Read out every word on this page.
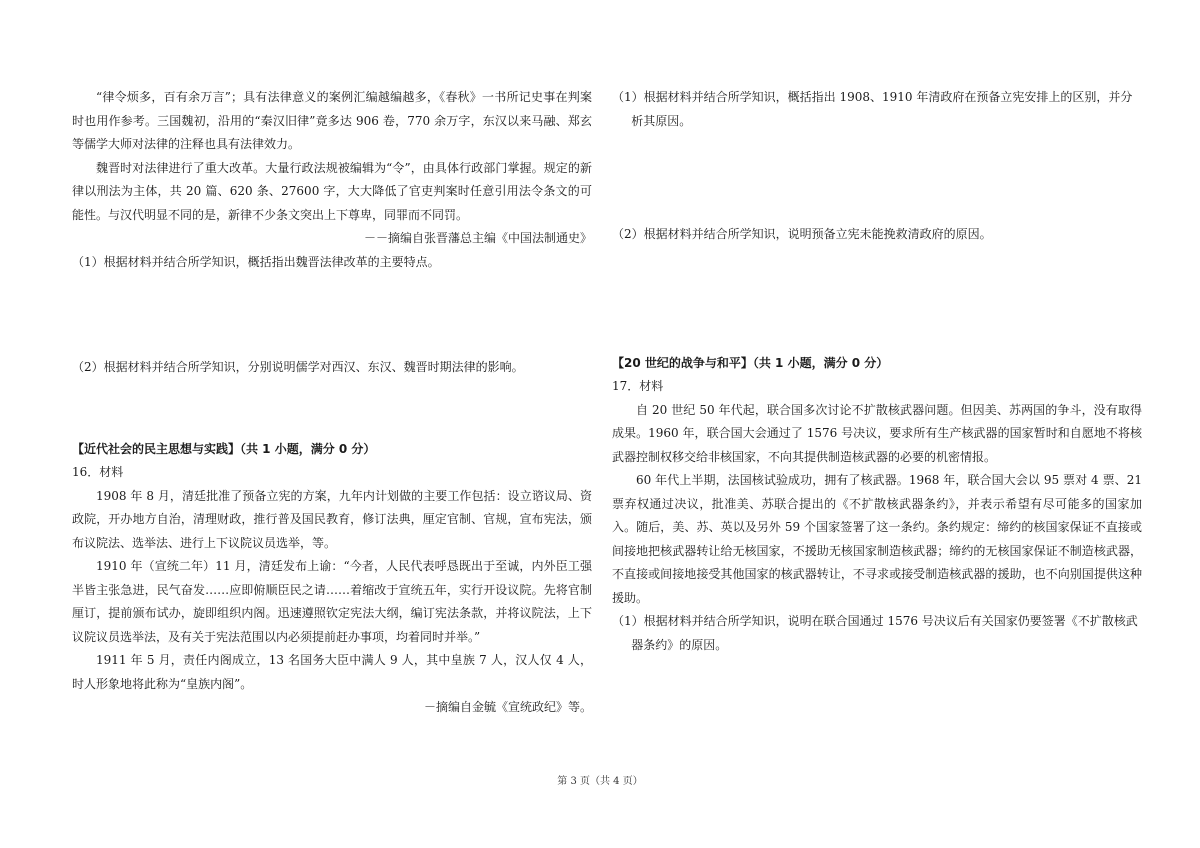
“律令烦多，百有余万言”；具有法律意义的案例汇编越编越多，《春秋》一书所记史事在判案时也用作参考。三国魏初，沿用的“秦汉旧律”竟多达 906 卷，770 余万字，东汉以来马融、郑玄等儒学大师对法律的注释也具有法律效力。

魏晋时对法律进行了重大改革。大量行政法规被编辑为“令”，由具体行政部门掌握。规定的新律以刑法为主体，共 20 篇、620 条、27600 字，大大降低了官吏判案时任意引用法令条文的可能性。与汉代明显不同的是，新律不少条文突出上下尊卑，同罪而不同罚。

－－摘编自张晋藩总主编《中国法制通史》

（1）根据材料并结合所学知识，概括指出魏晋法律改革的主要特点。

（2）根据材料并结合所学知识，分别说明儒学对西汉、东汉、魏晋时期法律的影响。

【近代社会的民主思想与实践】（共 1 小题，满分 0 分）

16．材料

1908 年 8 月，清廷批准了预备立宪的方案，九年内计划做的主要工作包括：设立谘议局、资政院，开办地方自治，清理财政，推行普及国民教育，修订法典，厘定官制、官规，宣布宪法，颁布议院法、选举法、进行上下议院议员选举，等。

1910 年（宣统二年）11 月，清廷发布上谕：“今者，人民代表呼恳既出于至诚，内外臣工强半皆主张急进，民气奋发……应即俯顺臣民之请……着缩改于宣统五年，实行开设议院。先将官制厘订，提前颁布试办，旋即组织内阁。迅速遵照钦定宪法大纲，编订宪法条款，并将议院法，上下议院议员选举法，及有关于宪法范围以内必须提前赶办事项，均着同时并举。”

1911 年 5 月，责任内阁成立，13 名国务大臣中满人 9 人，其中皇族 7 人，汉人仅 4 人，时人形象地将此称为“皇族内阁”。

－摘编自金毓《宣统政纪》等。

（1）根据材料并结合所学知识，概括指出 1908、1910 年清政府在预备立宪安排上的区别，并分析其原因。

（2）根据材料并结合所学知识，说明预备立宪未能挽救清政府的原因。

【20 世纪的战争与和平】（共 1 小题，满分 0 分）

17．材料

自 20 世纪 50 年代起，联合国多次讨论不扩散核武器问题。但因美、苏两国的争斗，没有取得成果。1960 年，联合国大会通过了 1576 号决议，要求所有生产核武器的国家暂时和自愿地不将核武器控制权移交给非核国家，不向其提供制造核武器的必要的机密情报。

60 年代上半期，法国核试验成功，拥有了核武器。1968 年，联合国大会以 95 票对 4 票、21 票弃权通过决议，批准美、苏联合提出的《不扩散核武器条约》，并表示希望有尽可能多的国家加入。随后，美、苏、英以及另外 59 个国家签署了这一条约。条约规定：缔约的核国家保证不直接或间接地把核武器转让给无核国家，不援助无核国家制造核武器；缔约的无核国家保证不制造核武器，不直接或间接地接受其他国家的核武器转让，不寻求或接受制造核武器的援助，也不向别国提供这种援助。

（1）根据材料并结合所学知识，说明在联合国通过 1576 号决议后有关国家仍要签署《不扩散核武器条约》的原因。

第 3 页（共 4 页）
